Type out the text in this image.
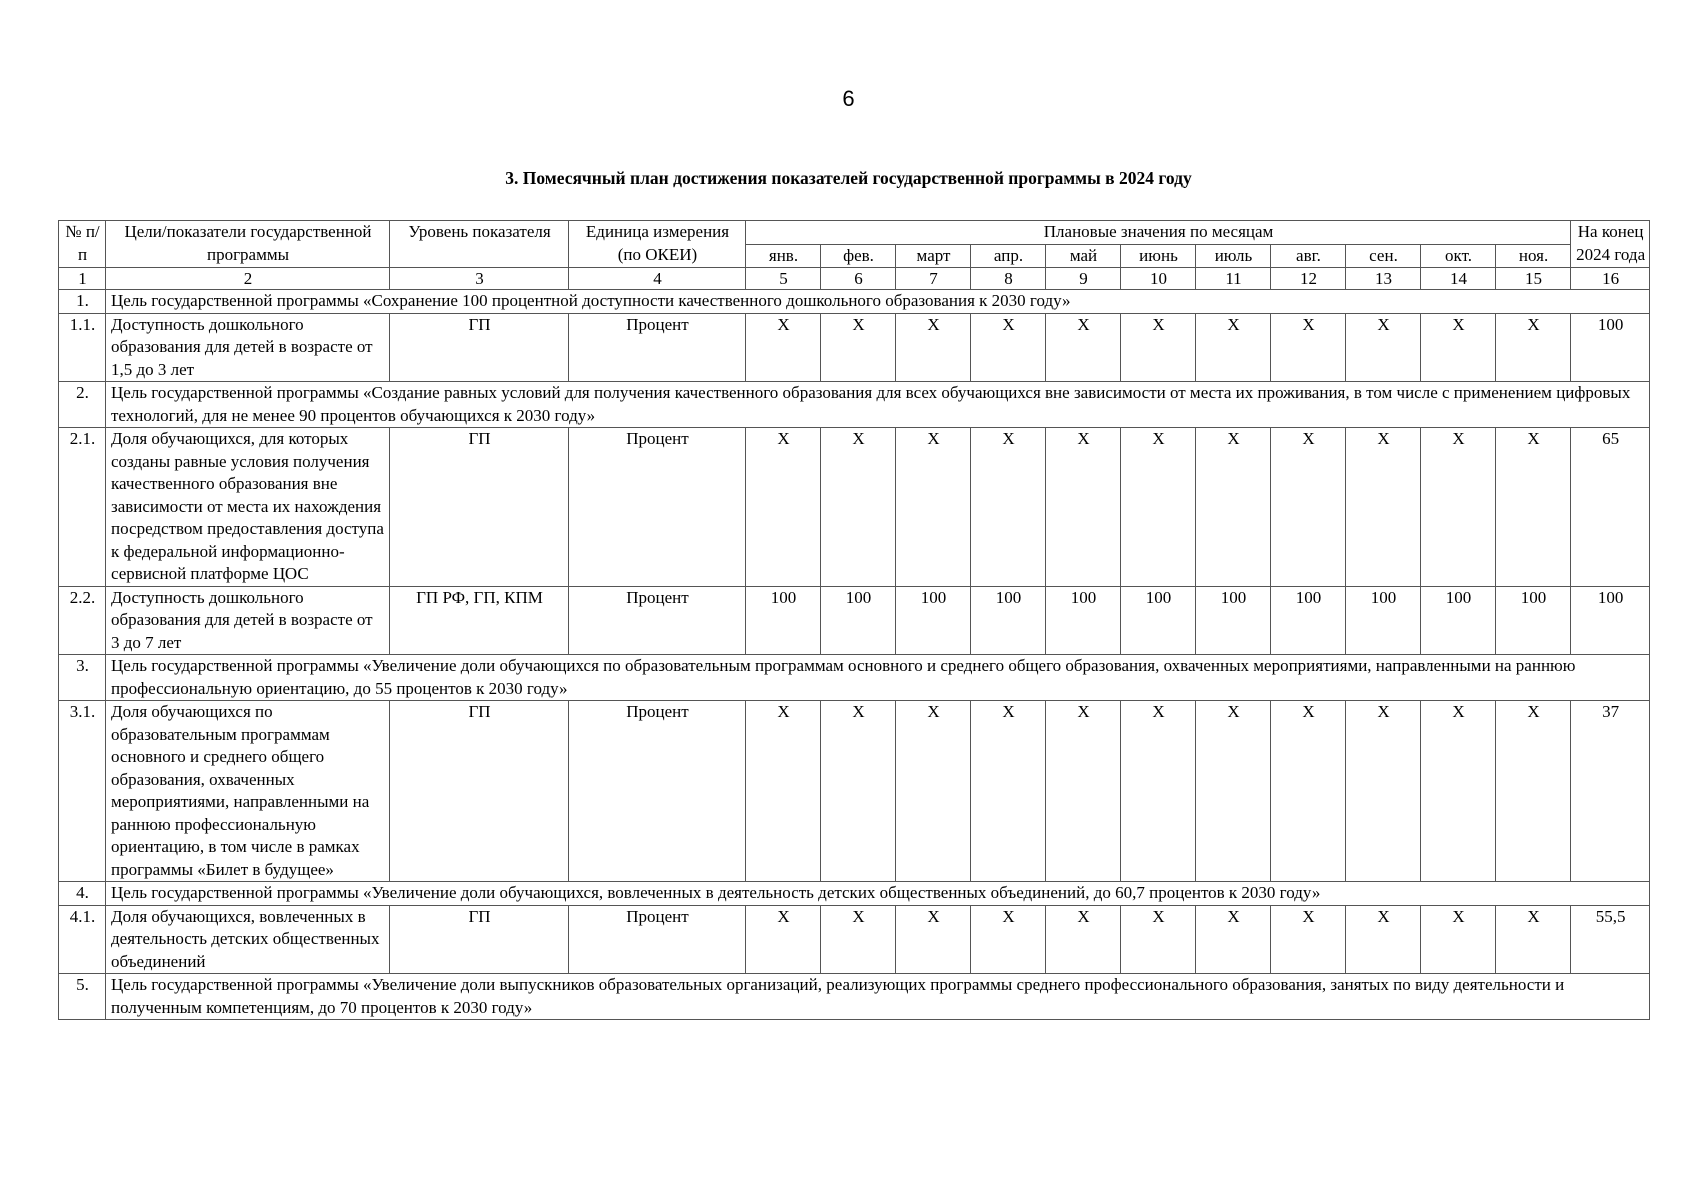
6
3. Помесячный план достижения показателей государственной программы в 2024 году
№ п/п	Цели/показатели государственной программы	Уровень показателя	Единица измерения (по ОКЕИ)	Плановые значения по месяцам											На конец 2024 года
				янв.	фев.	март	апр.	май	июнь	июль	авг.	сен.	окт.	ноя.	
1	2	3	4	5	6	7	8	9	10	11	12	13	14	15	16
1.	Цель государственной программы «Сохранение 100 процентной доступности качественного дошкольного образования к 2030 году»														
1.1.	Доступность дошкольного образования для детей в возрасте от 1,5 до 3 лет	ГП	Процент	Х	Х	Х	Х	Х	Х	Х	Х	Х	Х	Х	100
2.	Цель государственной программы «Создание равных условий для получения качественного образования для всех обучающихся вне зависимости от места их проживания, в том числе с применением цифровых технологий, для не менее 90 процентов обучающихся к 2030 году»														
2.1.	Доля обучающихся, для которых созданы равные условия получения качественного образования вне зависимости от места их нахождения посредством предоставления доступа к федеральной информационно-сервисной платформе ЦОС	ГП	Процент	Х	Х	Х	Х	Х	Х	Х	Х	Х	Х	Х	65
2.2.	Доступность дошкольного образования для детей в возрасте от 3 до 7 лет	ГП РФ, ГП, КПМ	Процент	100	100	100	100	100	100	100	100	100	100	100	100
3.	Цель государственной программы «Увеличение доли обучающихся по образовательным программам основного и среднего общего образования, охваченных мероприятиями, направленными на раннюю профессиональную ориентацию, до 55 процентов к 2030 году»														
3.1.	Доля обучающихся по образовательным программам основного и среднего общего образования, охваченных мероприятиями, направленными на раннюю профессиональную ориентацию, в том числе в рамках программы «Билет в будущее»	ГП	Процент	Х	Х	Х	Х	Х	Х	Х	Х	Х	Х	Х	37
4.	Цель государственной программы «Увеличение доли обучающихся, вовлеченных в деятельность детских общественных объединений, до 60,7 процентов к 2030 году»														
4.1.	Доля обучающихся, вовлеченных в деятельность детских общественных объединений	ГП	Процент	Х	Х	Х	Х	Х	Х	Х	Х	Х	Х	Х	55,5
5.	Цель государственной программы «Увеличение доли выпускников образовательных организаций, реализующих программы среднего профессионального образования, занятых по виду деятельности и полученным компетенциям, до 70 процентов к 2030 году»														
